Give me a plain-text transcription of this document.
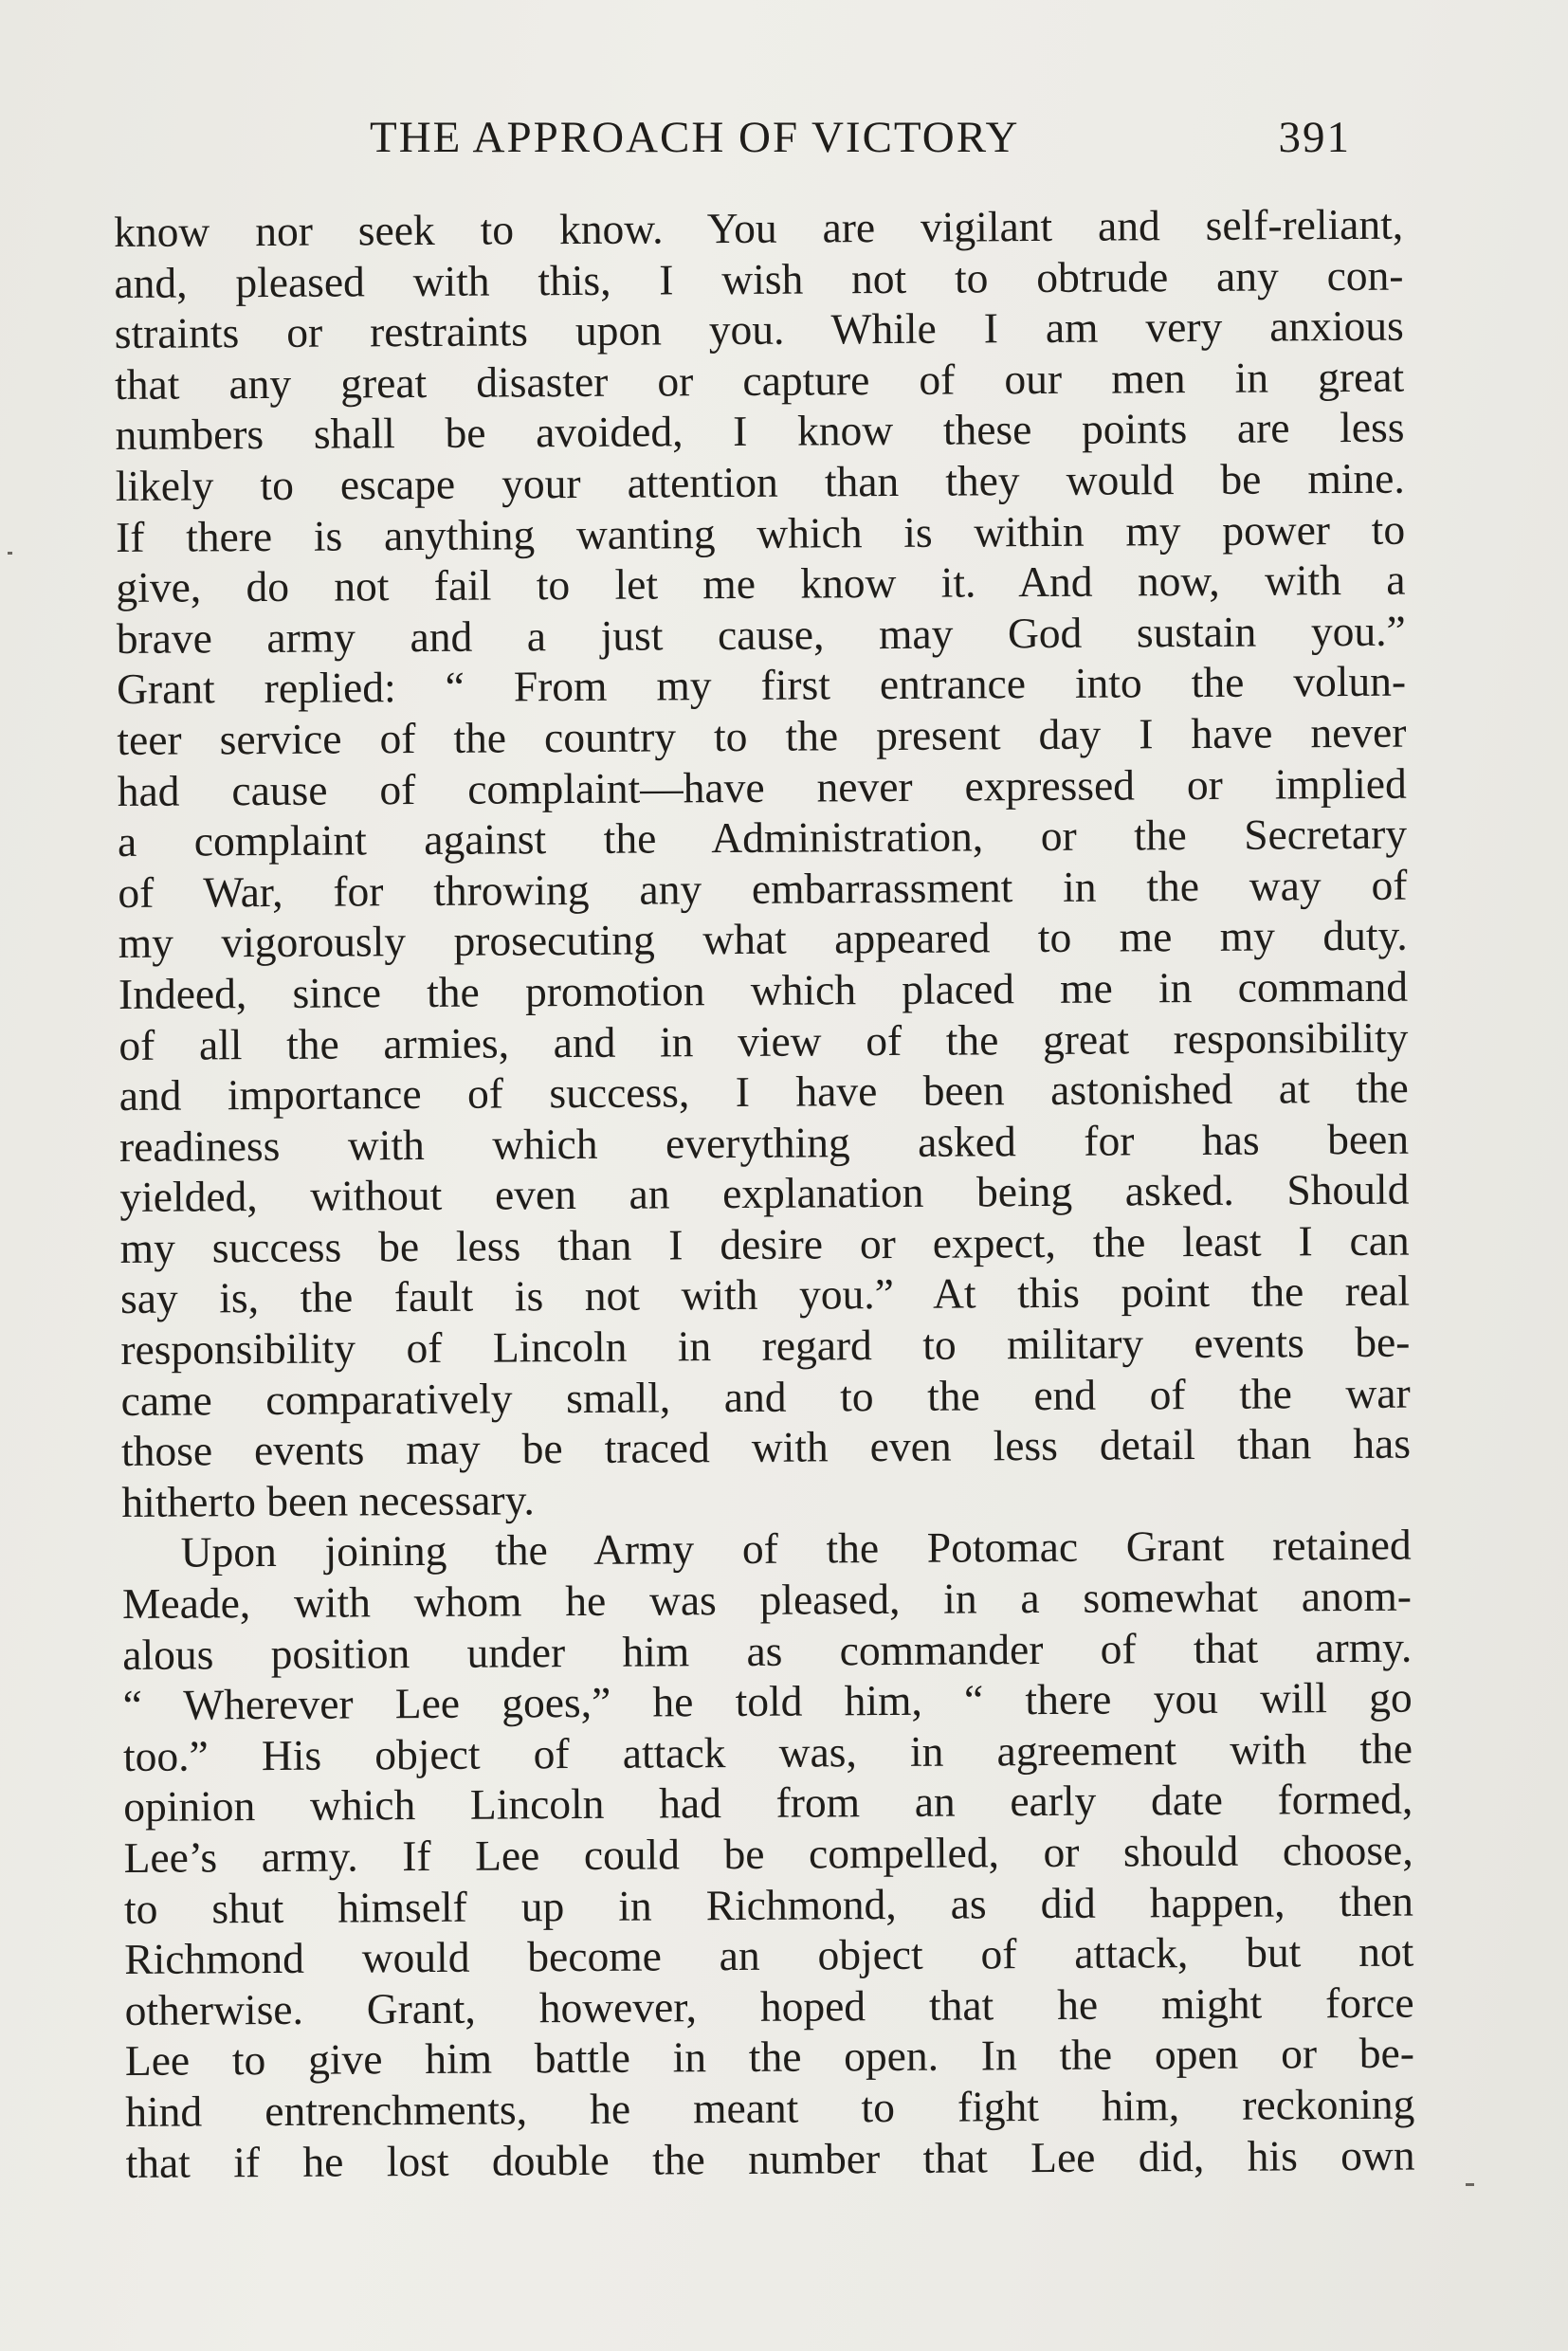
THE APPROACH OF VICTORY	391
know nor seek to know. You are vigilant and self-reliant,
and, pleased with this, I wish not to obtrude any con-
straints or restraints upon you. While I am very anxious
that any great disaster or capture of our men in great
numbers shall be avoided, I know these points are less
likely to escape your attention than they would be mine.
If there is anything wanting which is within my power to
give, do not fail to let me know it. And now, with a
brave army and a just cause, may God sustain you.”
Grant replied: “ From my first entrance into the volun-
teer service of the country to the present day I have never
had cause of complaint—have never expressed or implied
a complaint against the Administration, or the Secretary
of War, for throwing any embarrassment in the way of
my vigorously prosecuting what appeared to me my duty.
Indeed, since the promotion which placed me in command
of all the armies, and in view of the great responsibility
and importance of success, I have been astonished at the
readiness with which everything asked for has been
yielded, without even an explanation being asked. Should
my success be less than I desire or expect, the least I can
say is, the fault is not with you.” At this point the real
responsibility of Lincoln in regard to military events be-
came comparatively small, and to the end of the war
those events may be traced with even less detail than has
hitherto been necessary.
Upon joining the Army of the Potomac Grant retained
Meade, with whom he was pleased, in a somewhat anom-
alous position under him as commander of that army.
“ Wherever Lee goes,” he told him, “ there you will go
too.” His object of attack was, in agreement with the
opinion which Lincoln had from an early date formed,
Lee’s army. If Lee could be compelled, or should choose,
to shut himself up in Richmond, as did happen, then
Richmond would become an object of attack, but not
otherwise. Grant, however, hoped that he might force
Lee to give him battle in the open. In the open or be-
hind entrenchments, he meant to fight him, reckoning
that if he lost double the number that Lee did, his own
